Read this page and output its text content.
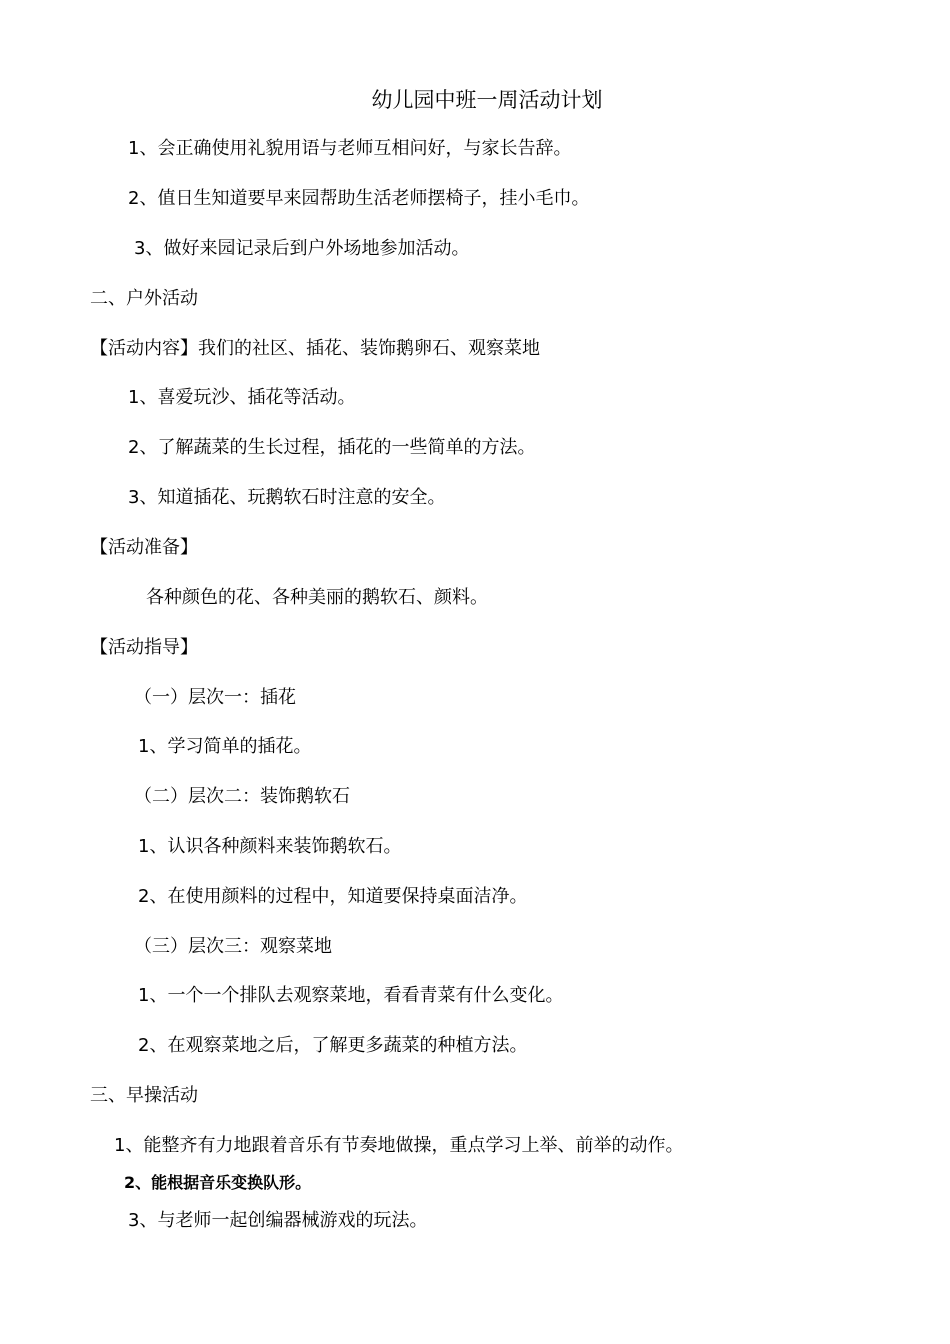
幼儿园中班一周活动计划

1、会正确使用礼貌用语与老师互相问好，与家长告辞。

2、值日生知道要早来园帮助生活老师摆椅子，挂小毛巾。

3、做好来园记录后到户外场地参加活动。

二、户外活动

【活动内容】我们的社区、插花、装饰鹅卵石、观察菜地

1、喜爱玩沙、插花等活动。

2、了解蔬菜的生长过程，插花的一些简单的方法。

3、知道插花、玩鹅软石时注意的安全。

【活动准备】

各种颜色的花、各种美丽的鹅软石、颜料。

【活动指导】

（一）层次一：插花

1、学习简单的插花。

（二）层次二：装饰鹅软石

1、认识各种颜料来装饰鹅软石。

2、在使用颜料的过程中，知道要保持桌面洁净。

（三）层次三：观察菜地

1、一个一个排队去观察菜地，看看青菜有什么变化。

2、在观察菜地之后，了解更多蔬菜的种植方法。

三、早操活动

1、能整齐有力地跟着音乐有节奏地做操，重点学习上举、前举的动作。

2、能根据音乐变换队形。

3、与老师一起创编器械游戏的玩法。
